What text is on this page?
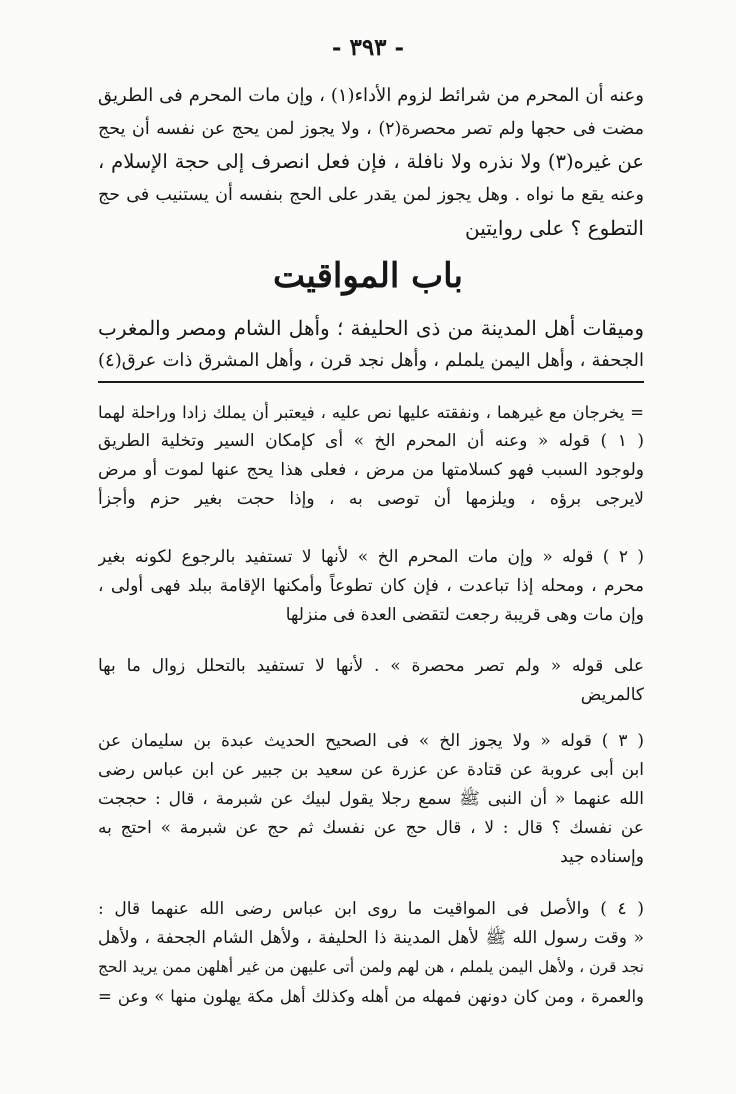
- ٣٩٣ -
وعنه أن المحرم من شرائط لزوم الأداء(١) ، وإن مات المحرم فى الطريق
مضت فى حجها ولم تصر محصرة(٢) ، ولا يجوز لمن يحج عن نفسه أن يحج
عن غيره(٣) ولا نذره ولا نافلة ، فإن فعل انصرف إلى حجة الإسلام ،
وعنه يقع ما نواه . وهل يجوز لمن يقدر على الحج بنفسه أن يستنيب فى حج
التطوع ؟ على روايتين
باب المواقيت
وميقات أهل المدينة من ذى الحليفة ؛ وأهل الشام ومصر والمغرب
الجحفة ، وأهل اليمن يلملم ، وأهل نجد قرن ، وأهل المشرق ذات عرق(٤)
= يخرجان مع غيرهما ، ونفقته عليها نص عليه ، فيعتبر أن يملك زادا وراحلة لهما
( ١ ) قوله « وعنه أن المحرم الخ » أى كإمكان السير وتخلية الطريق
ولوجود السبب فهو كسلامتها من مرض ، فعلى هذا يحج عنها لموت أو مرض
لايرجى برؤه ، ويلزمها أن توصى به ، وإذا حجت بغير حزم وأجزأ
( ٢ ) قوله « وإن مات المحرم الخ » لأنها لا تستفيد بالرجوع لكونه بغير
محرم ، ومحله إذا تباعدت ، فإن كان تطوعاً وأمكنها الإقامة ببلد فهى أولى ،
وإن مات وهى قريبة رجعت لتقضى العدة فى منزلها
على قوله « ولم تصر محصرة » . لأنها لا تستفيد بالتحلل زوال ما بها
كالمريض
( ٣ ) قوله « ولا يجوز الخ » فى الصحيح الحديث عبدة بن سليمان عن
ابن أبى عروبة عن قتادة عن عزرة عن سعيد بن جبير عن ابن عباس رضى
الله عنهما « أن النبى ﷺ سمع رجلا يقول لبيك عن شبرمة ، قال : حججت
عن نفسك ؟ قال : لا ، قال حج عن نفسك ثم حج عن شبرمة » احتج به
وإسناده جيد
( ٤ ) والأصل فى المواقيت ما روى ابن عباس رضى الله عنهما قال :
« وقت رسول الله ﷺ لأهل المدينة ذا الحليفة ، ولأهل الشام الجحفة ، ولأهل
نجد قرن ، ولأهل اليمن يلملم ، هن لهم ولمن أتى عليهن من غير أهلهن ممن يريد الحج
والعمرة ، ومن كان دونهن فمهله من أهله وكذلك أهل مكة يهلون منها » وعن =
